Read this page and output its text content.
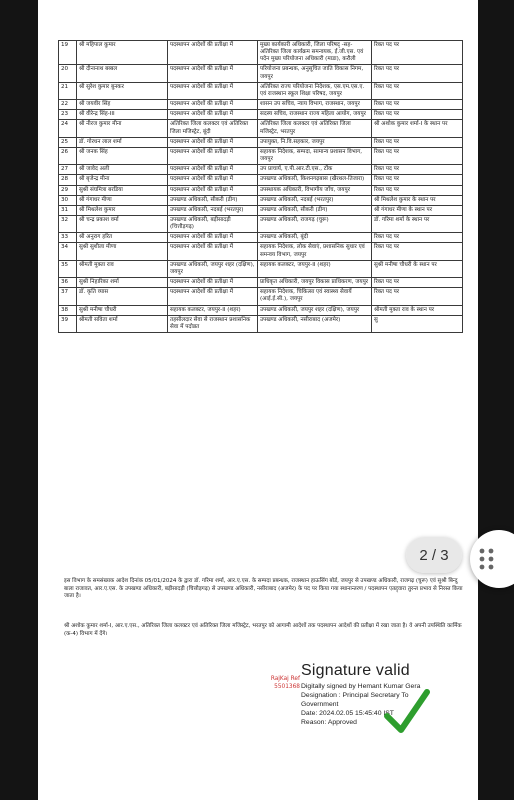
19	श्री महिपाल कुमार	पदस्थापन आदेशों की प्रतीक्षा में	मुख्य कार्यकारी अधिकारी, जिला परिषद् -सह- अतिरिक्त जिला कार्यक्रम समन्वयक, ई.जी.एस. एवं पदेन मुख्य परियोजना अधिकारी (माडा), करौली	रिक्त पद पर
20	श्री दीनानाथ बब्बल	पदस्थापन आदेशों की प्रतीक्षा में	परियोजना प्रबन्धक, अनुसूचित जाति विकास निगम, जयपुर	रिक्त पद पर
21	श्री सुरेश कुमार बुनकर	पदस्थापन आदेशों की प्रतीक्षा में	अतिरिक्त राज्य परियोजना निदेशक, एस.एम.एस.ए. एवं राजस्थान स्कूल शिक्षा परिषद, जयपुर	रिक्त पद पर
22	श्री जयवीर सिंह	पदस्थापन आदेशों की प्रतीक्षा में	शासन उप सचिव, न्याय विभाग, राजस्थान, जयपुर	रिक्त पद पर
23	श्री वीरेन्द्र सिंह-III	पदस्थापन आदेशों की प्रतीक्षा में	सदस्य सचिव, राजस्थान राज्य महिला आयोग, जयपुर	रिक्त पद पर
24	श्री नीरज कुमार मीना	अतिरिक्त जिला कलक्टर एवं अतिरिक्त जिला मजिस्ट्रेट, बूंदी	अतिरिक्त जिला कलक्टर एवं अतिरिक्त जिला मजिस्ट्रेट, भरतपुर	श्री अशोक कुमार शर्मा-I के स्थान पर
25	डॉ. गोरधन लाल शर्मा	पदस्थापन आदेशों की प्रतीक्षा में	उपायुक्त, नि.वि.सहकार, जयपुर	रिक्त पद पर
26	श्री जनक सिंह	पदस्थापन आदेशों की प्रतीक्षा में	सहायक निदेशक, सम्पदा, सामान्य प्रशासन विभाग, जयपुर	रिक्त पद पर
27	श्री जावेद अली	पदस्थापन आदेशों की प्रतीक्षा में	उप प्राचार्य, ए.पी.आर.टी.एस., टोंक	रिक्त पद पर
28	श्री बृजेन्द्र मीना	पदस्थापन आदेशों की प्रतीक्षा में	उपखण्ड अधिकारी, किशनगढ़बास (खैरथल-तिजारा)	रिक्त पद पर
29	सुश्री संघमित्रा बरडिया	पदस्थापन आदेशों की प्रतीक्षा में	उपस्थायक अधिकारी, विभागीय जाँच, जयपुर	रिक्त पद पर
30	श्री गंगाधर मीणा	उपखण्ड अधिकारी, सीकरी (डीग)	उपखण्ड अधिकारी, नदबई (भरतपुर)	श्री मिथलेश कुमार के स्थान पर
31	श्री मिथलेश कुमार	उपखण्ड अधिकारी, नदबई (भरतपुर)	उपखण्ड अधिकारी, सीकरी (डीग)	श्री गंगाधर मीणा के स्थान पर
32	श्री चन्द्र प्रकाश वर्मा	उपखण्ड अधिकारी, बड़ीसादड़ी (चित्तौड़गढ़)	उपखण्ड अधिकारी, राजगढ़ (चुरू)	डॉ. गरिमा शर्मा के स्थान पर
33	श्री अनुराग हरित	पदस्थापन आदेशों की प्रतीक्षा में	उपखण्ड अधिकारी, बूंदी	रिक्त पद पर
34	सुश्री सुशीला मीणा	पदस्थापन आदेशों की प्रतीक्षा में	सहायक निदेशक, लोक सेवाएं, प्रशासनिक सुधार एवं समन्वय विभाग, जयपुर	रिक्त पद पर
35	श्रीमती मुक्ता राव	उपखण्ड अधिकारी, जयपुर शहर (दक्षिण), जयपुर	सहायक कलक्टर, जयपुर-II (शहर)	सुश्री मनीषा चौधरी के स्थान पर
36	सुश्री निहारिका शर्मा	पदस्थापन आदेशों की प्रतीक्षा में	प्राधिकृत अधिकारी, जयपुर विकास प्राधिकरण, जयपुर	रिक्त पद पर
37	डॉ. कृति व्यास	पदस्थापन आदेशों की प्रतीक्षा में	सहायक निदेशक, चिकित्सा एवं स्वास्थ्य सेवायें (आई.ई.सी.), जयपुर	रिक्त पद पर
38	सुश्री मनीषा चौधरी	सहायक कलक्टर, जयपुर-II (शहर)	उपखण्ड अधिकारी, जयपुर शहर (दक्षिण), जयपुर	श्रीमती मुक्ता राव के स्थान पर
39	श्रीमती सविता शर्मा	तहसीलदार सेवा से राजस्थान प्रशासनिक सेवा में पदोन्नत	उपखण्ड अधिकारी, नसीराबाद (अजमेर)	सु
इस विभाग के समसंख्यक आदेश दिनांक 05/01/2024 के द्वारा डॉ. गरिमा शर्मा, आर.ए.एस. के सम्पदा प्रबन्धक, राजस्थान हाऊसिंग बोर्ड, जयपुर से उपखण्ड अधिकारी, राजगढ़ (चुरू) एवं सुश्री बिन्दु बाला राजावत, आर.ए.एस. के उपखण्ड अधिकारी, बड़ीसादड़ी (चित्तौड़गढ़) से उपखण्ड अधिकारी, नसीराबाद (अजमेर) के पद पर किया गया स्थानान्तरण / पदस्थापन एतद्द्वारा तुरन्त प्रभाव से निरस्त किया जाता है।
श्री अशोक कुमार शर्मा-I, आर.ए.एस., अतिरिक्त जिला कलक्टर एवं अतिरिक्त जिला मजिस्ट्रेट, भरतपुर को आगामी आदेशों तक पदस्थापन आदेशों की प्रतीक्षा में रखा जाता है। वे अपनी उपस्थिति कार्मिक (क-4) विभाग में देंगे।
RajKaj Ref
5501368
Signature valid
Digitally signed by Hemant Kumar Gera
Designation : Principal Secretary To
Government
Date: 2024.02.05 15:45:40 IST
Reason: Approved
2 / 3
